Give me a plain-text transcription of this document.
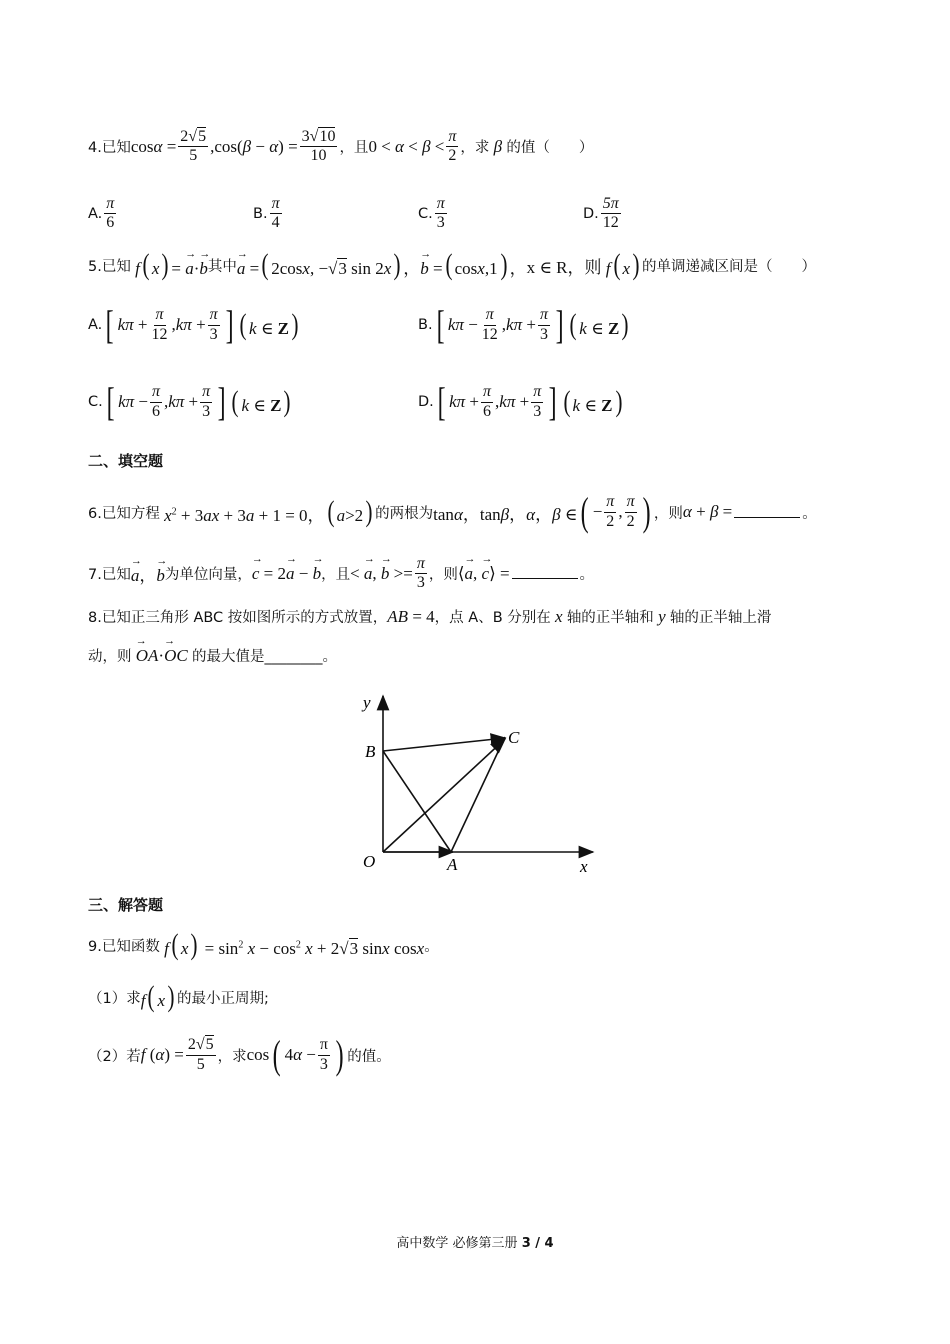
4.已知 $\cos\alpha = \frac{2√5}{5} ,\cos(\beta - \alpha) = \frac{3√10}{10}$ ，且 $0 < \alpha < \beta < \frac{\pi}{2}$ ，求 β 的值（　　）
A. $\frac{\pi}{6}$	B. $\frac{\pi}{4}$	C. $\frac{\pi}{3}$	D. $\frac{5\pi}{12}$
5.已知 f( x) = → a·→ b 其中 → a =( 2cosx, −√3 sin 2x) ，→ b =( cosx,1) ， x ∈ R，则 f( x) 的单调递减区间是（　　）
A. [ $k\pi + \frac{\pi}{12} ,k\pi + \frac{\pi}{3}$ ] ( k ∈ Z)	B. [ $k\pi - \frac{\pi}{12} ,k\pi + \frac{\pi}{3}$ ] ( k ∈ Z)
C. [ $k\pi - \frac{\pi}{6} ,k\pi + \frac{\pi}{3}$ ] ( k ∈ Z)	D. [ $k\pi + \frac{\pi}{6} ,k\pi + \frac{\pi}{3}$ ] ( k ∈ Z)
二、填空题
6.已知方程 $x^2 + 3ax + 3a + 1 = 0$，( a>2) 的两根为 tanα，tanβ，α，β ∈ ( − $\frac{\pi}{2}$ , $\frac{\pi}{2}$ ) ，则 α + β =	。
7.已知 → a，→ b 为单位向量， → c = 2→ a − → b ，且 < → a, → $b >= \frac{\pi}{3}$ ，则 ⟨→ a, → c⟩ =	。
8.已知正三角形 ABC 按如图所示的方式放置， AB = 4 ，点 A、B 分别在 x 轴的正半轴和 y 轴的正半轴上滑
动，则 → OA·→ OC 的最大值是________。
y
B
C
O	A	x
三、解答题
9.已知函数 f( $x) = \sin^2 x - \cos^2 x + 2√3$ sinx cosx 。
（1）求 f( x) 的最小正周期;
（2）若 f $(\alpha) = \frac{2√5}{5}$ ，求 cos ( $4\alpha - \frac{\pi}{3}$ ) 的值。
高中数学 必修第三册 3 / 4
